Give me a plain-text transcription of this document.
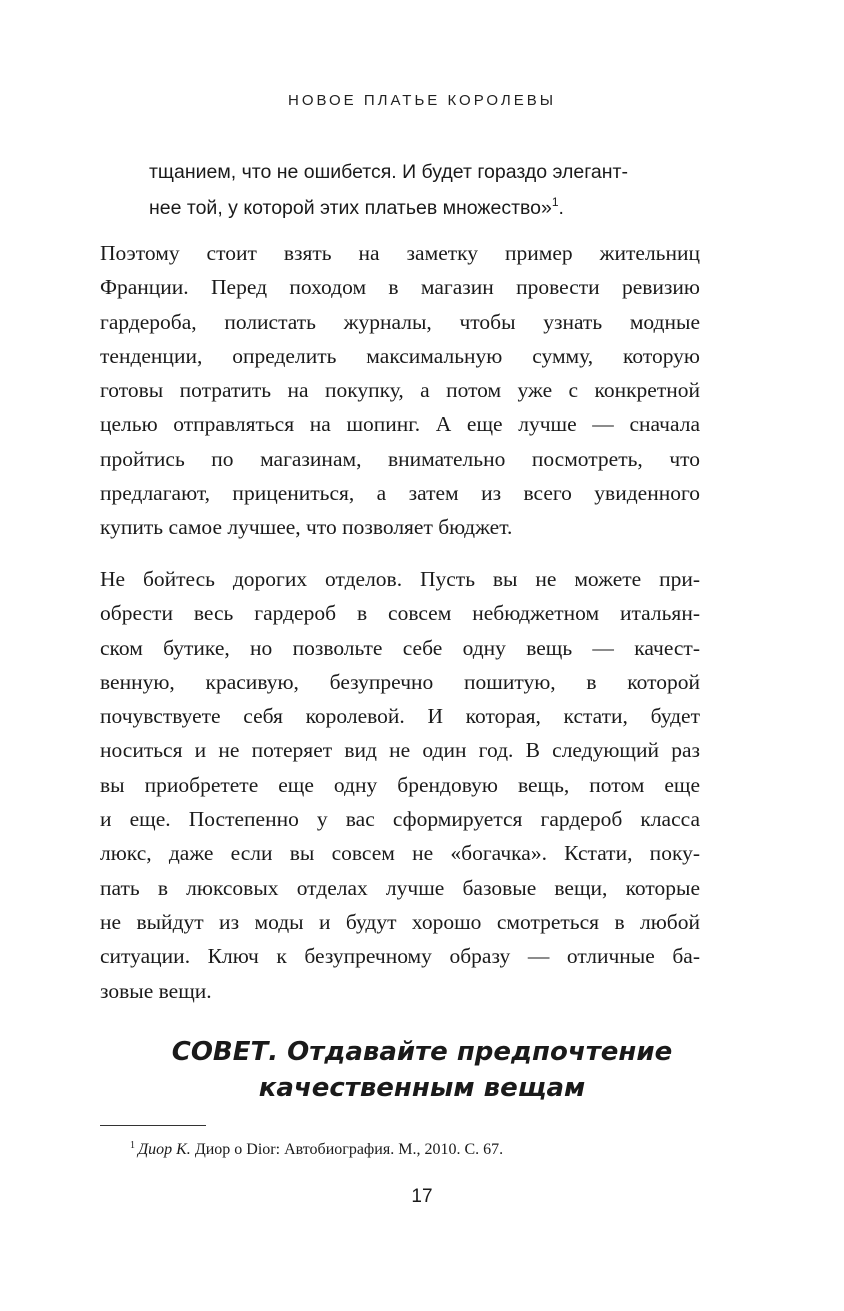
НОВОЕ ПЛАТЬЕ КОРОЛЕВЫ
тщанием, что не ошибется. И будет гораздо элегант-
нее той, у которой этих платьев множество»$^1$.
Поэтому стоит взять на заметку пример жительниц
Франции. Перед походом в магазин провести ревизию
гардероба, полистать журналы, чтобы узнать модные
тенденции, определить максимальную сумму, которую
готовы потратить на покупку, а потом уже с конкретной
целью отправляться на шопинг. А еще лучше — сначала
пройтись по магазинам, внимательно посмотреть, что
предлагают, прицениться, а затем из всего увиденного
купить самое лучшее, что позволяет бюджет.
Не бойтесь дорогих отделов. Пусть вы не можете при-
обрести весь гардероб в совсем небюджетном итальян-
ском бутике, но позвольте себе одну вещь — качест-
венную, красивую, безупречно пошитую, в которой
почувствуете себя королевой. И которая, кстати, будет
носиться и не потеряет вид не один год. В следующий раз
вы приобретете еще одну брендовую вещь, потом еще
и еще. Постепенно у вас сформируется гардероб класса
люкс, даже если вы совсем не «богачка». Кстати, поку-
пать в люксовых отделах лучше базовые вещи, которые
не выйдут из моды и будут хорошо смотреться в любой
ситуации. Ключ к безупречному образу — отличные ба-
зовые вещи.
СОВЕТ. Отдавайте предпочтение
качественным вещам
$^1$ Диор К. Диор о Dior: Автобиография. М., 2010. С. 67.
17
